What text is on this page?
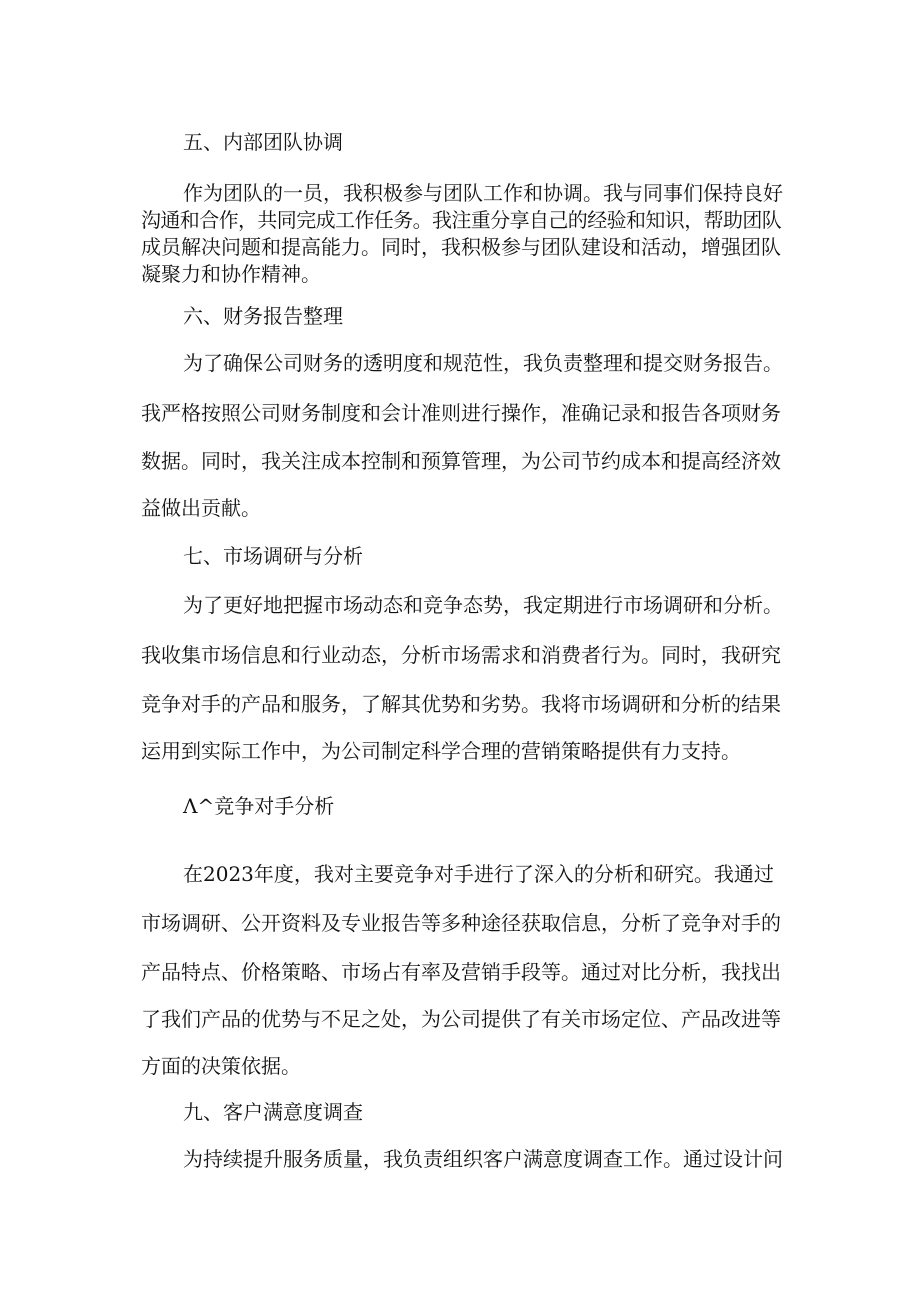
五、内部团队协调
作为团队的一员，我积极参与团队工作和协调。我与同事们保持良好
沟通和合作，共同完成工作任务。我注重分享自己的经验和知识，帮助团队
成员解决问题和提高能力。同时，我积极参与团队建设和活动，增强团队
凝聚力和协作精神。
六、财务报告整理
为了确保公司财务的透明度和规范性，我负责整理和提交财务报告。
我严格按照公司财务制度和会计准则进行操作，准确记录和报告各项财务
数据。同时，我关注成本控制和预算管理，为公司节约成本和提高经济效
益做出贡献。
七、市场调研与分析
为了更好地把握市场动态和竞争态势，我定期进行市场调研和分析。
我收集市场信息和行业动态，分析市场需求和消费者行为。同时，我研究
竞争对手的产品和服务，了解其优势和劣势。我将市场调研和分析的结果
运用到实际工作中，为公司制定科学合理的营销策略提供有力支持。
Λ^竞争对手分析
在2023年度，我对主要竞争对手进行了深入的分析和研究。我通过
市场调研、公开资料及专业报告等多种途径获取信息，分析了竞争对手的
产品特点、价格策略、市场占有率及营销手段等。通过对比分析，我找出
了我们产品的优势与不足之处，为公司提供了有关市场定位、产品改进等
方面的决策依据。
九、客户满意度调查
为持续提升服务质量，我负责组织客户满意度调查工作。通过设计问
